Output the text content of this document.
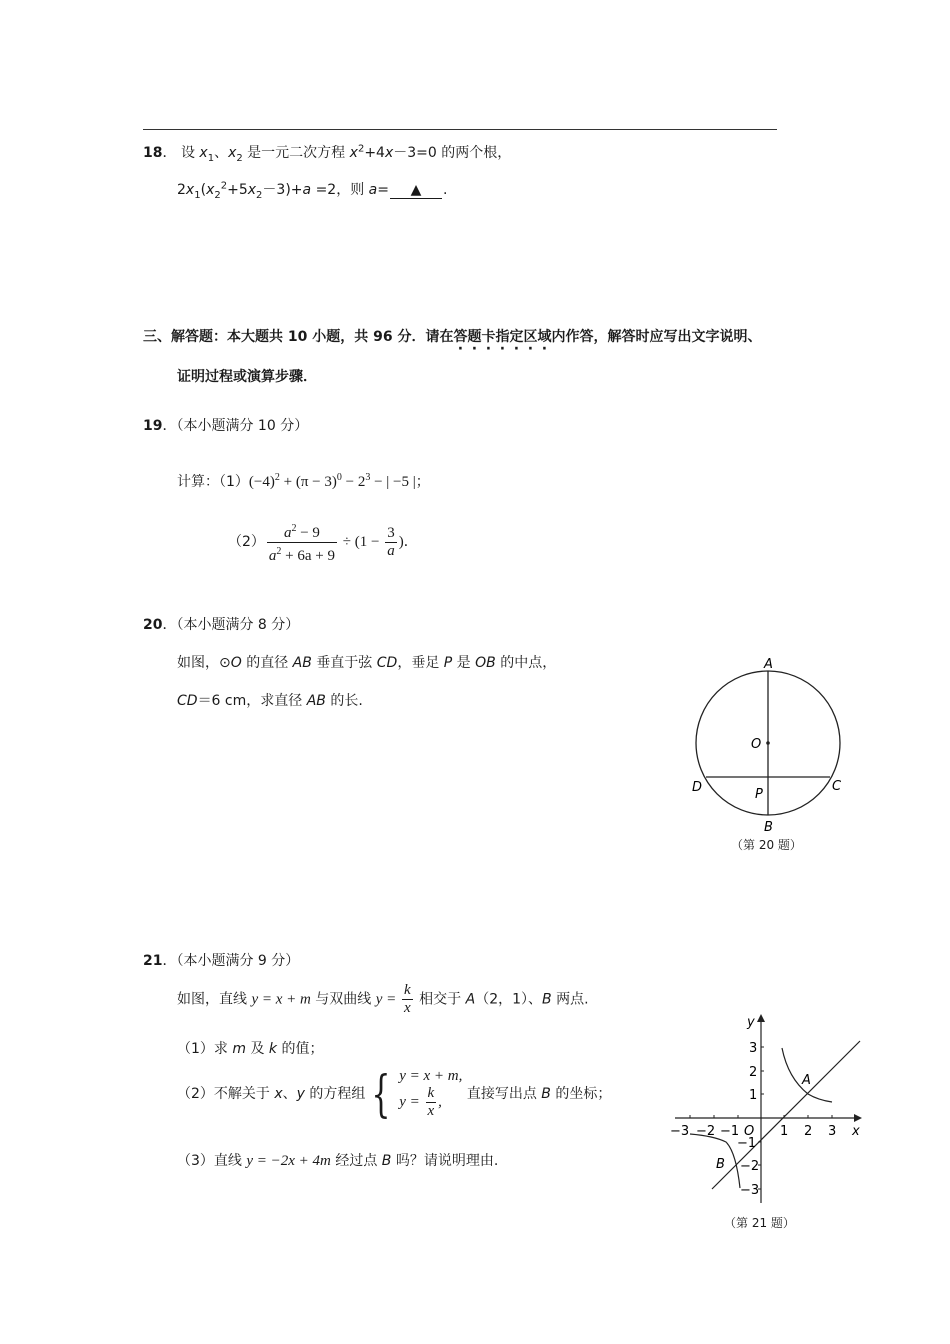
18． 设 $x_1$、$x_2$ 是一元二次方程 $x^2+4x-3=0$ 的两个根，
$2x_1(x_2^2+5x_2-3)+a =2$，则 a= ▲ .
三、解答题：本大题共 10 小题，共 96 分．请在答题卡指定区域内作答，解答时应写出文字说明、
证明过程或演算步骤．
19．（本小题满分 10 分）
计算：$(1)(-4)^2 + (\pi - 3)^0 - 2^3$ − | −5 |；
$(2) \frac{a^2 - 9}{a^2 + 6a + 9} \div (1 - \frac{3}{a}$ )．
20．（本小题满分 8 分）
如图，⊙O 的直径 AB 垂直于弦 CD，垂足 P 是 OB 的中点，
CD＝6 cm，求直径 AB 的长.
A
O
D	C
P
B
（第 20 题）
21．（本小题满分 9 分）
如图，直线 y = x + m 与双曲线 $y = \frac{k}{x}$ 相交于 A（2，1）、B 两点.
（1）求 m 及 k 的值；
（2）不解关于 x、y 的方程组 { y = x + m,
$y = \frac{k}{x}$ ,	直接写出点 B 的坐标；
（3）直线 y = −2x + 4m 经过点 B 吗？请说明理由.
y
x
O
A
B
3
2
1
−1
−2
−3
1 2 3
−3 −2 −1
（第 21 题）
